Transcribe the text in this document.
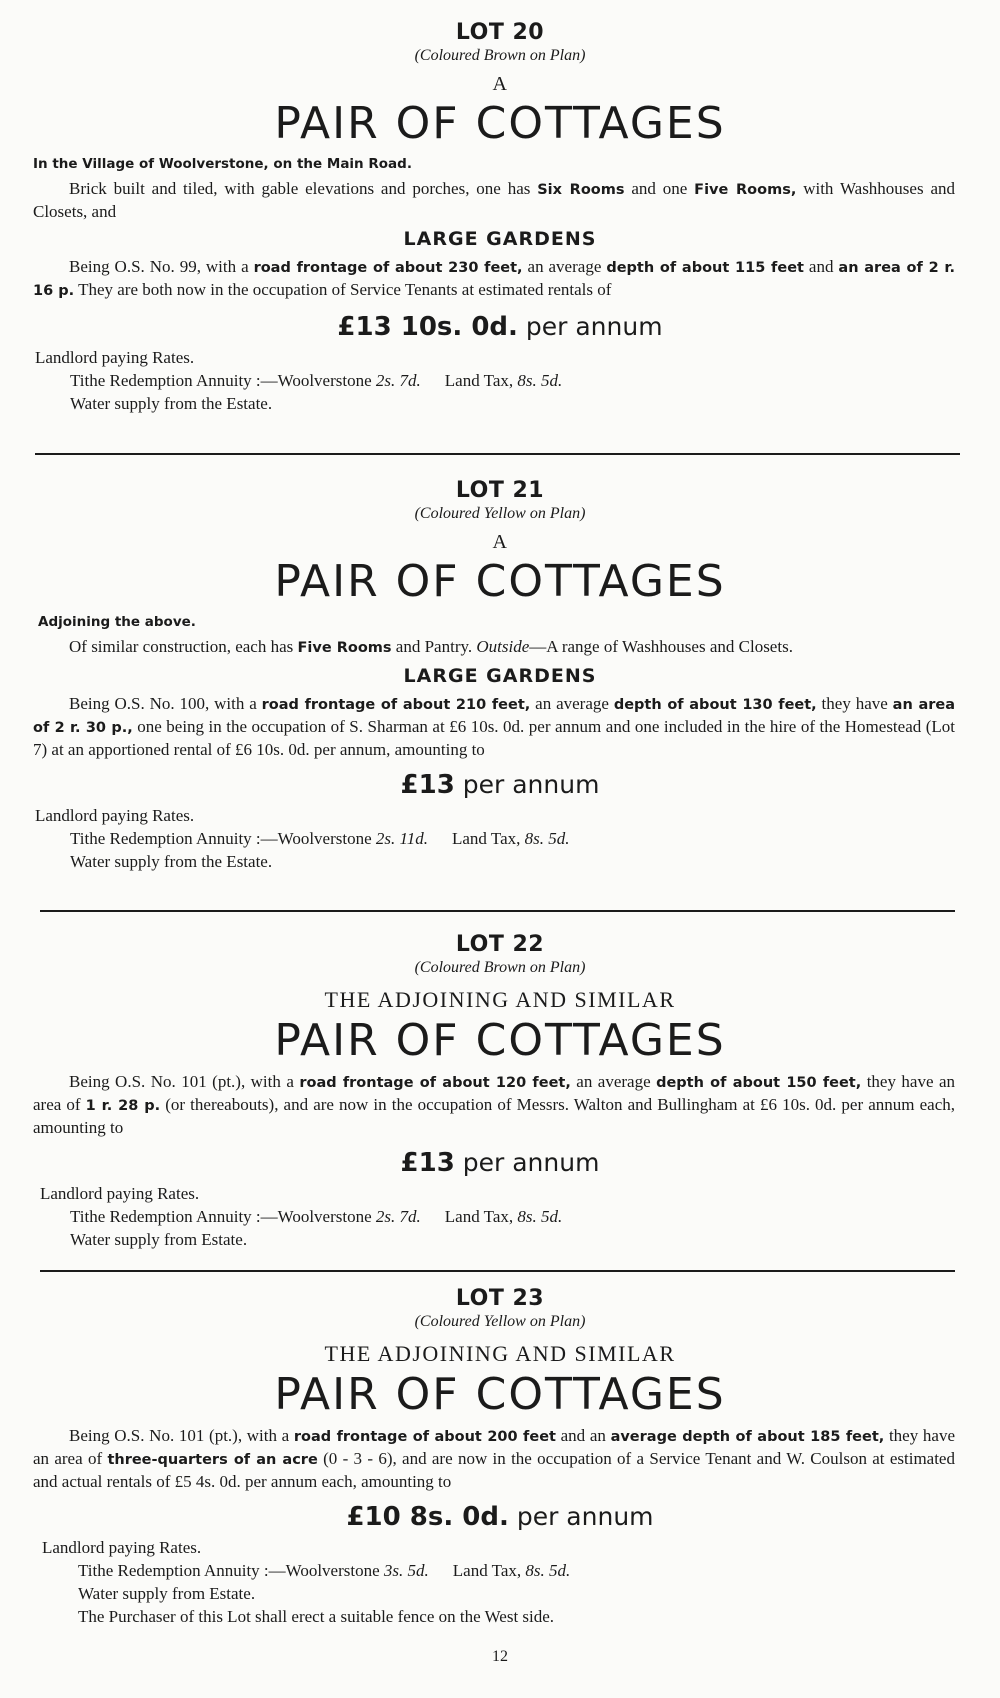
LOT 20
(Coloured Brown on Plan)
A
PAIR OF COTTAGES
In the Village of Woolverstone, on the Main Road.
Brick built and tiled, with gable elevations and porches, one has Six Rooms and one Five Rooms, with Washhouses and Closets, and
LARGE GARDENS
Being O.S. No. 99, with a road frontage of about 230 feet, an average depth of about 115 feet and an area of 2 r. 16 p. They are both now in the occupation of Service Tenants at estimated rentals of
£13 10s. 0d. per annum
Landlord paying Rates.
Tithe Redemption Annuity :—Woolverstone 2s. 7d. Land Tax, 8s. 5d.
Water supply from the Estate.
LOT 21
(Coloured Yellow on Plan)
A
PAIR OF COTTAGES
Adjoining the above.
Of similar construction, each has Five Rooms and Pantry. Outside—A range of Washhouses and Closets.
LARGE GARDENS
Being O.S. No. 100, with a road frontage of about 210 feet, an average depth of about 130 feet, they have an area of 2 r. 30 p., one being in the occupation of S. Sharman at £6 10s. 0d. per annum and one included in the hire of the Homestead (Lot 7) at an apportioned rental of £6 10s. 0d. per annum, amounting to
£13 per annum
Landlord paying Rates.
Tithe Redemption Annuity :—Woolverstone 2s. 11d. Land Tax, 8s. 5d.
Water supply from the Estate.
LOT 22
(Coloured Brown on Plan)
THE ADJOINING AND SIMILAR
PAIR OF COTTAGES
Being O.S. No. 101 (pt.), with a road frontage of about 120 feet, an average depth of about 150 feet, they have an area of 1 r. 28 p. (or thereabouts), and are now in the occupation of Messrs. Walton and Bullingham at £6 10s. 0d. per annum each, amounting to
£13 per annum
Landlord paying Rates.
Tithe Redemption Annuity :—Woolverstone 2s. 7d. Land Tax, 8s. 5d.
Water supply from Estate.
LOT 23
(Coloured Yellow on Plan)
THE ADJOINING AND SIMILAR
PAIR OF COTTAGES
Being O.S. No. 101 (pt.), with a road frontage of about 200 feet and an average depth of about 185 feet, they have an area of three-quarters of an acre (0 - 3 - 6), and are now in the occupation of a Service Tenant and W. Coulson at estimated and actual rentals of £5 4s. 0d. per annum each, amounting to
£10 8s. 0d. per annum
Landlord paying Rates.
Tithe Redemption Annuity :—Woolverstone 3s. 5d. Land Tax, 8s. 5d.
Water supply from Estate.
The Purchaser of this Lot shall erect a suitable fence on the West side.
12
